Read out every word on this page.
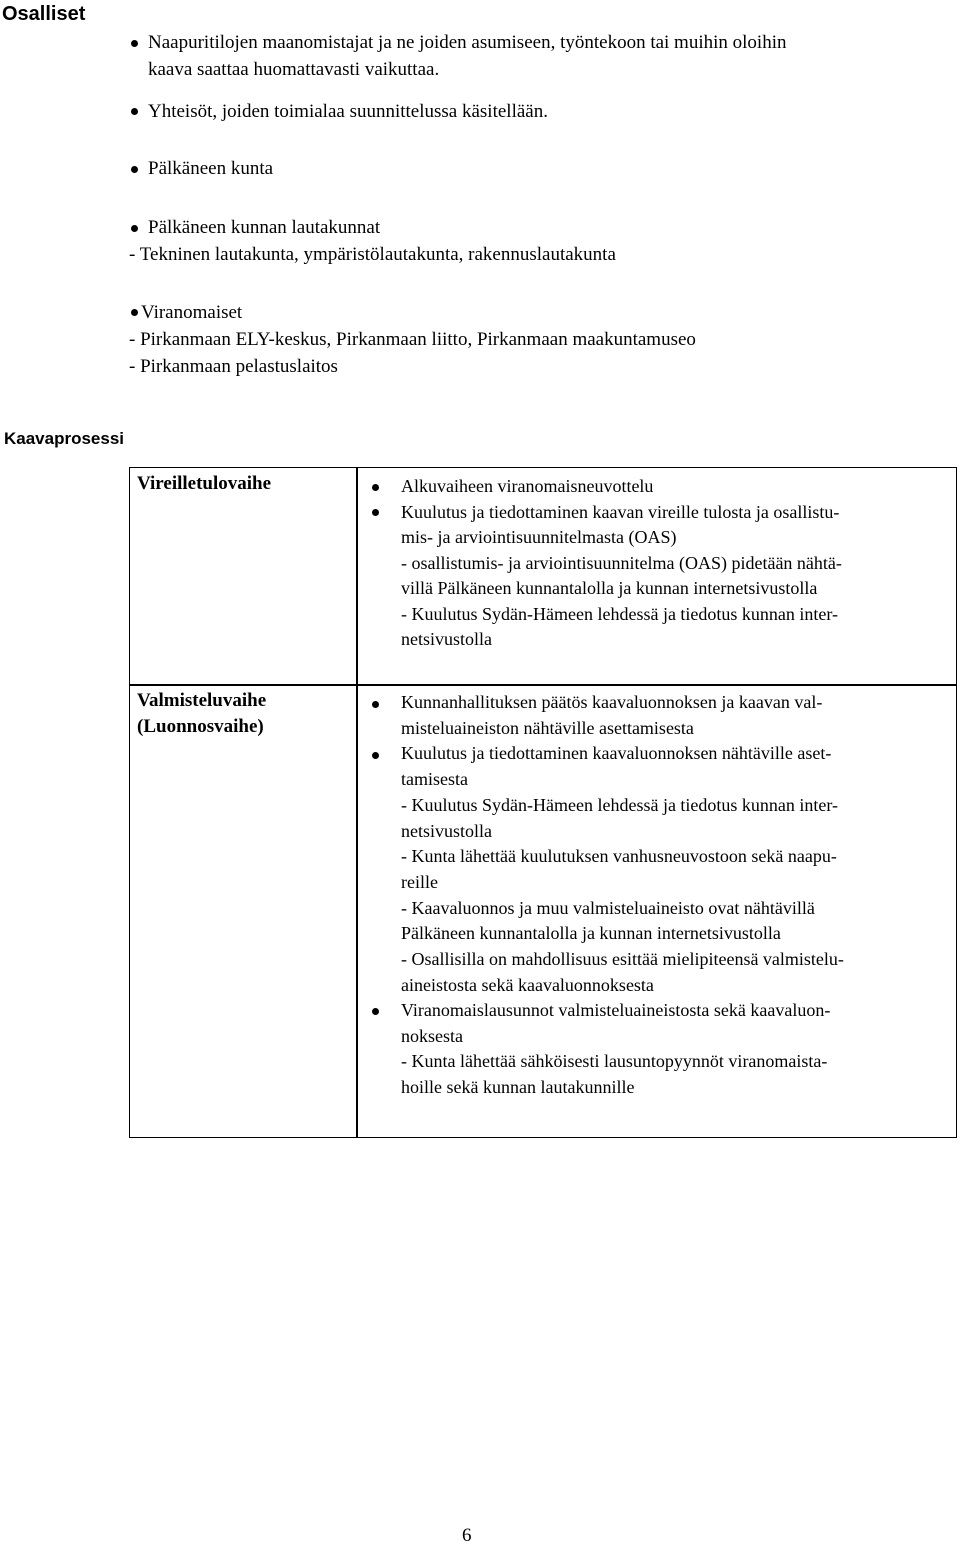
Osalliset
Naapuritilojen maanomistajat ja ne joiden asumiseen, työntekoon tai muihin oloihin
kaava saattaa huomattavasti vaikuttaa.
Yhteisöt, joiden toimialaa suunnittelussa käsitellään.
Pälkäneen kunta
Pälkäneen kunnan lautakunnat
- Tekninen lautakunta, ympäristölautakunta, rakennuslautakunta
Viranomaiset
- Pirkanmaan ELY-keskus, Pirkanmaan liitto, Pirkanmaan maakuntamuseo
- Pirkanmaan pelastuslaitos
Kaavaprosessi
Vireilletulovaihe	Alkuvaiheen viranomaisneuvottelu
Kuulutus ja tiedottaminen kaavan vireille tulosta ja osallistu-
mis- ja arviointisuunnitelmasta (OAS)
- osallistumis- ja arviointisuunnitelma (OAS) pidetään nähtä-
villä Pälkäneen kunnantalolla ja kunnan internetsivustolla
- Kuulutus Sydän-Hämeen lehdessä ja tiedotus kunnan inter-
netsivustolla
Valmisteluvaihe
(Luonnosvaihe)
Kunnanhallituksen päätös kaavaluonnoksen ja kaavan val-
misteluaineiston nähtäville asettamisesta
Kuulutus ja tiedottaminen kaavaluonnoksen nähtäville aset-
tamisesta
- Kuulutus Sydän-Hämeen lehdessä ja tiedotus kunnan inter-
netsivustolla
- Kunta lähettää kuulutuksen vanhusneuvostoon sekä naapu-
reille
- Kaavaluonnos ja muu valmisteluaineisto ovat nähtävillä
Pälkäneen kunnantalolla ja kunnan internetsivustolla
- Osallisilla on mahdollisuus esittää mielipiteensä valmistelu-
aineistosta sekä kaavaluonnoksesta
Viranomaislausunnot valmisteluaineistosta sekä kaavaluon-
noksesta
- Kunta lähettää sähköisesti lausuntopyynnöt viranomaista-
hoille sekä kunnan lautakunnille
6
